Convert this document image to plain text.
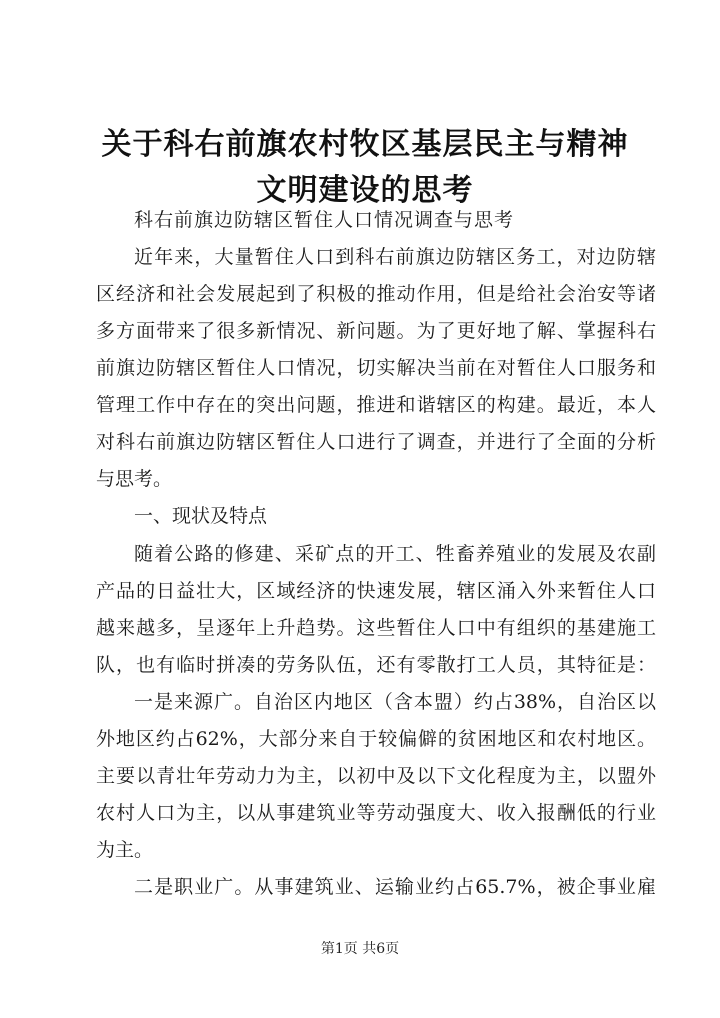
关于科右前旗农村牧区基层民主与精神文明建设的思考
科右前旗边防辖区暂住人口情况调查与思考
近年来，大量暂住人口到科右前旗边防辖区务工，对边防辖
区经济和社会发展起到了积极的推动作用，但是给社会治安等诸
多方面带来了很多新情况、新问题。为了更好地了解、掌握科右
前旗边防辖区暂住人口情况，切实解决当前在对暂住人口服务和
管理工作中存在的突出问题，推进和谐辖区的构建。最近，本人
对科右前旗边防辖区暂住人口进行了调查，并进行了全面的分析
与思考。
一、现状及特点
随着公路的修建、采矿点的开工、牲畜养殖业的发展及农副
产品的日益壮大，区域经济的快速发展，辖区涌入外来暂住人口
越来越多，呈逐年上升趋势。这些暂住人口中有组织的基建施工
队，也有临时拼凑的劳务队伍，还有零散打工人员，其特征是：
一是来源广。自治区内地区（含本盟）约占38%，自治区以
外地区约占62%，大部分来自于较偏僻的贫困地区和农村地区。
主要以青壮年劳动力为主，以初中及以下文化程度为主，以盟外
农村人口为主，以从事建筑业等劳动强度大、收入报酬低的行业
为主。
二是职业广。从事建筑业、运输业约占65.7%，被企事业雇
第1页 共6页
